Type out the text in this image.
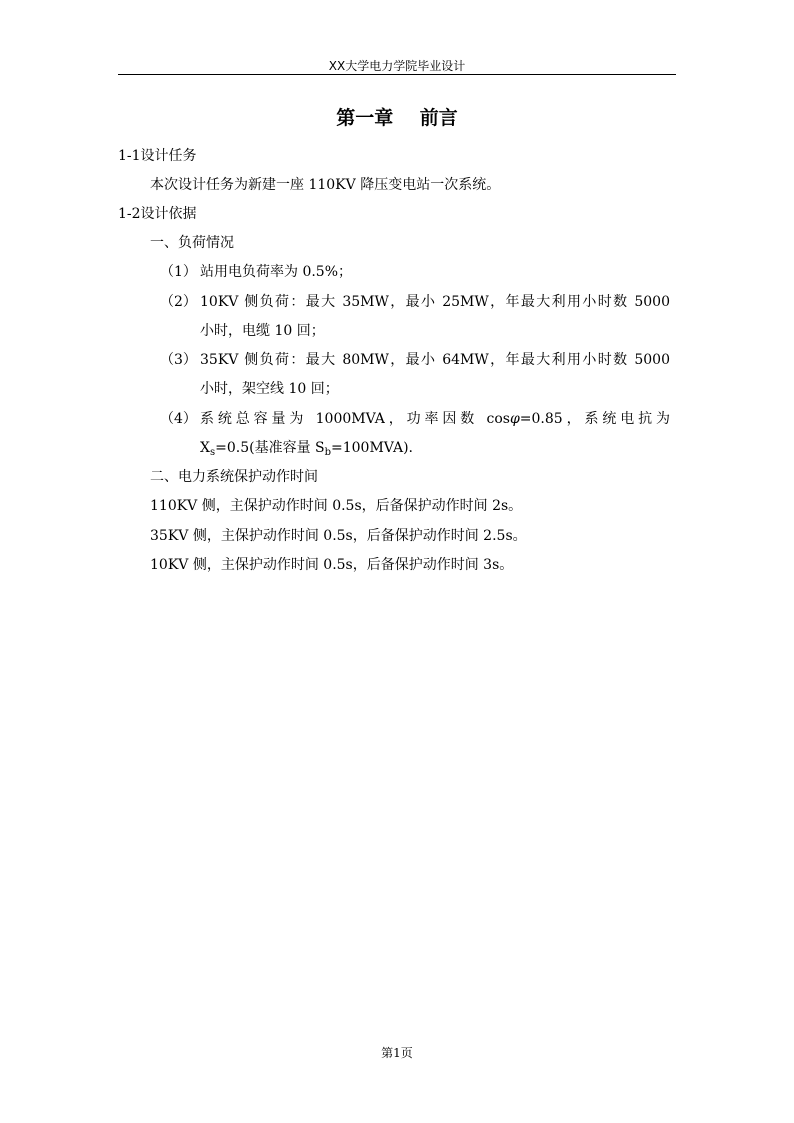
XX大学电力学院毕业设计
第一章    前言
1-1设计任务
本次设计任务为新建一座 110KV 降压变电站一次系统。
1-2设计依据
一、负荷情况
（1） 站用电负荷率为 0.5%；
（2） 10KV 侧负荷：最大 35MW，最小 25MW，年最大利用小时数 5000
小时，电缆 10 回；
（3） 35KV 侧负荷：最大 80MW，最小 64MW，年最大利用小时数 5000
小时，架空线 10 回；
（4） 系统总容量为 1000MVA，功率因数 cosφ=0.85，系统电抗为
$X_s=0.5$(基准容量 $S_b=100MVA$).
二、电力系统保护动作时间
110KV 侧，主保护动作时间 0.5s，后备保护动作时间 2s。
35KV 侧，主保护动作时间 0.5s，后备保护动作时间 2.5s。
10KV 侧，主保护动作时间 0.5s，后备保护动作时间 3s。
第1页
